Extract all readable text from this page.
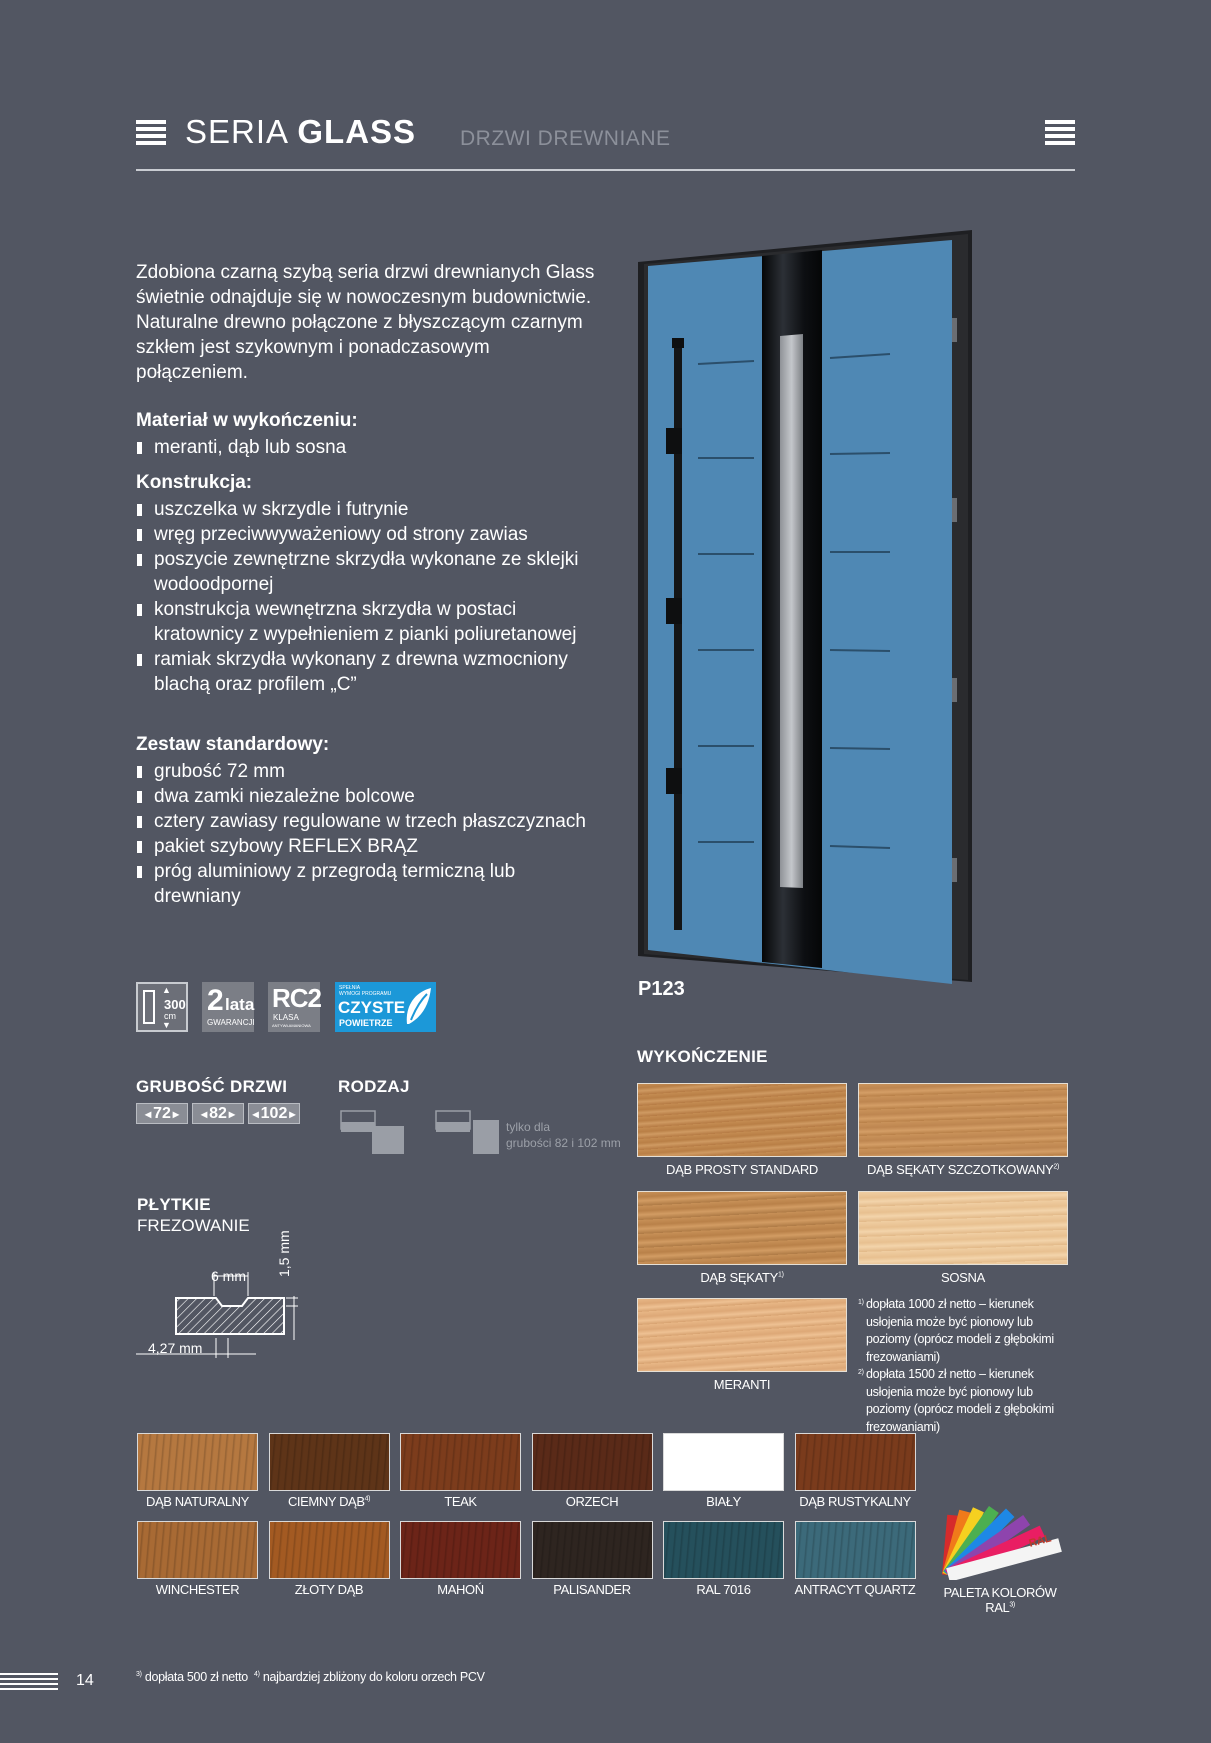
SERIA GLASS DRZWI DREWNIANE

Zdobiona czarną szybą seria drzwi drewnianych Glass świetnie odnajduje się w nowoczesnym budownictwie. Naturalne drewno połączone z błyszczącym czarnym szkłem jest szykownym i ponadczasowym połączeniem.

Materiał w wykończeniu:
meranti, dąb lub sosna
Konstrukcja:
uszczelka w skrzydle i futrynie
wręg przeciwwyważeniowy od strony zawias
poszycie zewnętrzne skrzydła wykonane ze sklejki wodoodpornej
konstrukcja wewnętrzna skrzydła w postaci kratownicy z wypełnieniem z pianki poliuretanowej
ramiak skrzydła wykonany z drewna wzmocniony blachą oraz profilem „C”
Zestaw standardowy:
grubość 72 mm
dwa zamki niezależne bolcowe
cztery zawiasy regulowane w trzech płaszczyznach
pakiet szybowy REFLEX BRĄZ
próg aluminiowy z przegrodą termiczną lub drewniany
▲
300
cm
▼
2 lata
GWARANCJI
RC2
KLASA
ANTYWŁAMANIOWA
SPEŁNIA
WYMOGI PROGRAMU
CZYSTE
POWIETRZE
GRUBOŚĆ DRZWI
◂ 72 ▸	◂ 82 ▸	◂ 102 ▸
RODZAJ
tylko dla
grubości 82 i 102 mm
PŁYTKIE
FREZOWANIE
6 mm 1,5 mm
4,27 mm
P123
WYKOŃCZENIE
DĄB PROSTY STANDARD	DĄB SĘKATY SZCZOTKOWANY$^{2)}$
DĄB SĘKATY$^{1)}$	SOSNA
MERANTI
1) dopłata 1000 zł netto – kierunek usłojenia może być pionowy lub poziomy (oprócz modeli z głębokimi frezowaniami)
2) dopłata 1500 zł netto – kierunek usłojenia może być pionowy lub poziomy (oprócz modeli z głębokimi frezowaniami)
DĄB NATURALNY	CIEMNY DĄB$^{4)}$	TEAK	ORZECH	BIAŁY	DĄB RUSTYKALNY
WINCHESTER	ZŁOTY DĄB	MAHOŃ	PALISANDER	RAL 7016	ANTRACYT QUARTZ
RAL
PALETA KOLORÓW RAL$^{3)}$
14	$^{3)}$ dopłata 500 zł netto $^{4)}$ najbardziej zbliżony do koloru orzech PCV
